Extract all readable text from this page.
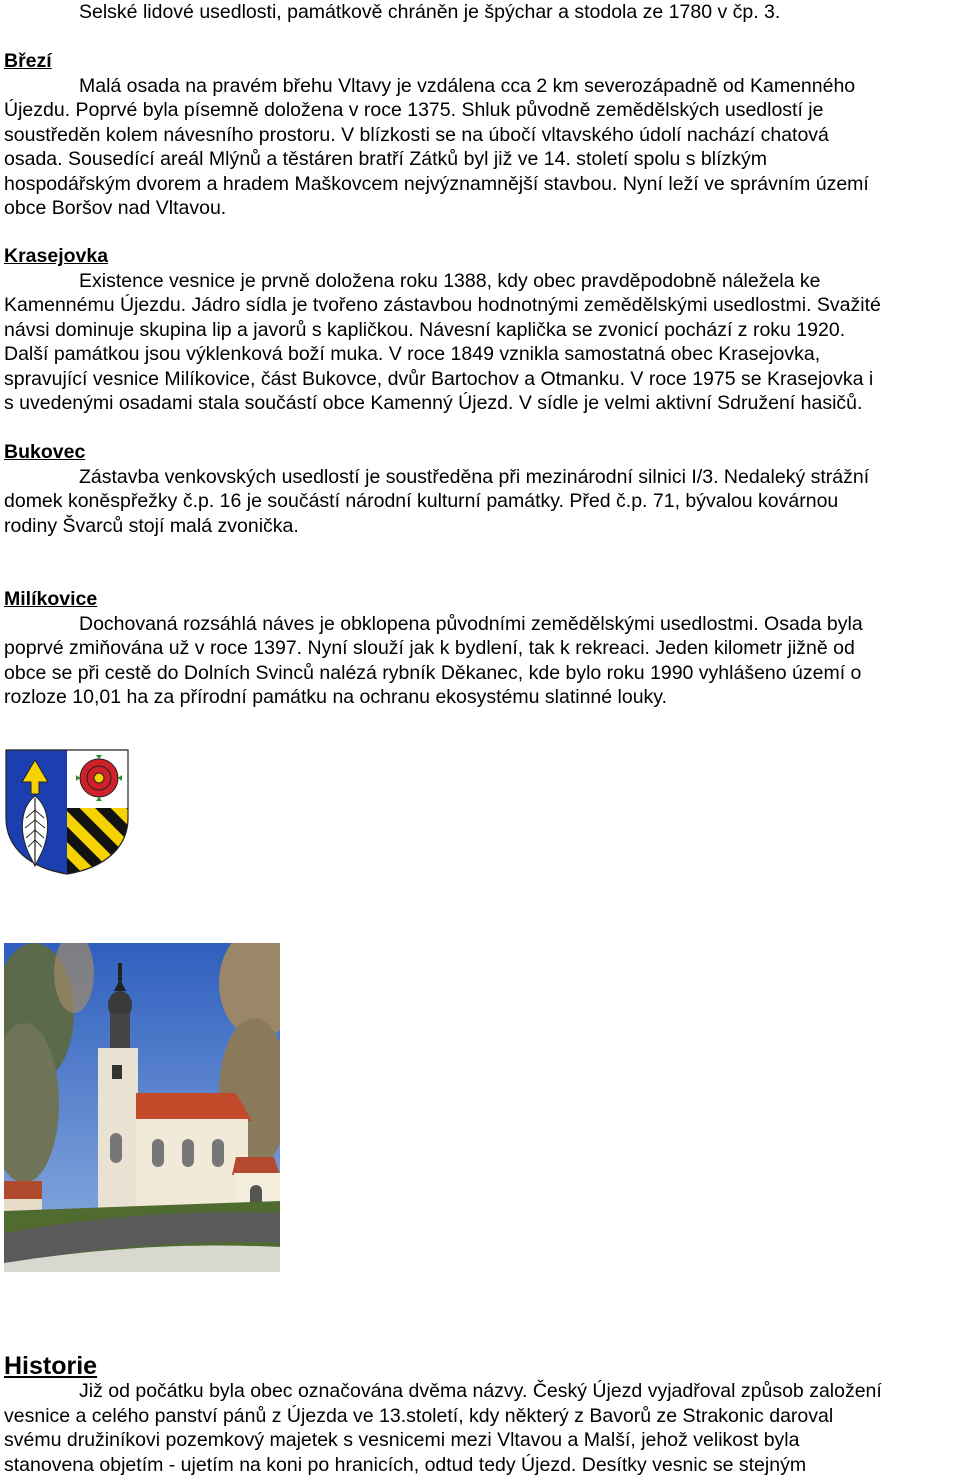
Selské lidové usedlosti, památkově chráněn je špýchar a stodola ze 1780 v čp. 3.

Březí

Malá osada na pravém břehu Vltavy je vzdálena cca 2 km severozápadně od Kamenného
Újezdu. Poprvé byla písemně doložena v roce 1375. Shluk původně zemědělských usedlostí je
soustředěn kolem návesního prostoru. V blízkosti se na úbočí vltavského údolí nachází chatová
osada. Sousedící areál Mlýnů a těstáren bratří Zátků byl již ve 14. století spolu s blízkým
hospodářským dvorem a hradem Maškovcem nejvýznamnější stavbou. Nyní leží ve správním území
obce Boršov nad Vltavou.

Krasejovka

Existence vesnice je prvně doložena roku 1388, kdy obec pravděpodobně náležela ke
Kamennému Újezdu. Jádro sídla je tvořeno zástavbou hodnotnými zemědělskými usedlostmi. Svažité
návsi dominuje skupina lip a javorů s kapličkou. Návesní kaplička se zvonicí pochází z roku 1920.
Další památkou jsou výklenková boží muka. V roce 1849 vznikla samostatná obec Krasejovka,
spravující vesnice Milíkovice, část Bukovce, dvůr Bartochov a Otmanku. V roce 1975 se Krasejovka i
s uvedenými osadami stala součástí obce Kamenný Újezd. V sídle je velmi aktivní Sdružení hasičů.

Bukovec

Zástavba venkovských usedlostí je soustředěna při mezinárodní silnici I/3. Nedaleký strážní
domek koněspřežky č.p. 16 je součástí národní kulturní památky. Před č.p. 71, bývalou kovárnou
rodiny Švarců stojí malá zvonička.

Milíkovice

Dochovaná rozsáhlá náves je obklopena původními zemědělskými usedlostmi. Osada byla
poprvé zmiňována už v roce 1397. Nyní slouží jak k bydlení, tak k rekreaci. Jeden kilometr jižně od
obce se při cestě do Dolních Svinců nalézá rybník Děkanec, kde bylo roku 1990 vyhlášeno území o
rozloze 10,01 ha za přírodní památku na ochranu ekosystému slatinné louky.

Historie

Již od počátku byla obec označována dvěma názvy. Český Újezd vyjadřoval způsob založení
vesnice a celého panství pánů z Újezda ve 13.století, kdy některý z Bavorů ze Strakonic daroval
svému družiníkovi pozemkový majetek s vesnicemi mezi Vltavou a Malší, jehož velikost byla
stanovena objetím - ujetím na koni po hranicích, odtud tedy Újezd. Desítky vesnic se stejným
